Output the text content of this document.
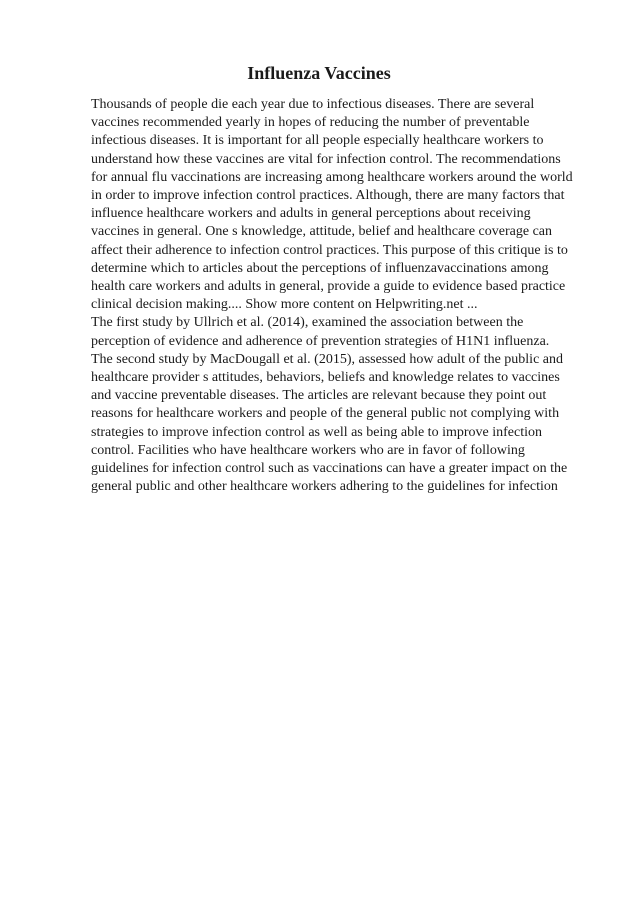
Influenza Vaccines
Thousands of people die each year due to infectious diseases. There are several
vaccines recommended yearly in hopes of reducing the number of preventable
infectious diseases. It is important for all people especially healthcare workers to
understand how these vaccines are vital for infection control. The recommendations
for annual flu vaccinations are increasing among healthcare workers around the world
in order to improve infection control practices. Although, there are many factors that
influence healthcare workers and adults in general perceptions about receiving
vaccines in general. One s knowledge, attitude, belief and healthcare coverage can
affect their adherence to infection control practices. This purpose of this critique is to
determine which to articles about the perceptions of influenzavaccinations among
health care workers and adults in general, provide a guide to evidence based practice
clinical decision making.... Show more content on Helpwriting.net ...
The first study by Ullrich et al. (2014), examined the association between the
perception of evidence and adherence of prevention strategies of H1N1 influenza.
The second study by MacDougall et al. (2015), assessed how adult of the public and
healthcare provider s attitudes, behaviors, beliefs and knowledge relates to vaccines
and vaccine preventable diseases. The articles are relevant because they point out
reasons for healthcare workers and people of the general public not complying with
strategies to improve infection control as well as being able to improve infection
control. Facilities who have healthcare workers who are in favor of following
guidelines for infection control such as vaccinations can have a greater impact on the
general public and other healthcare workers adhering to the guidelines for infection
